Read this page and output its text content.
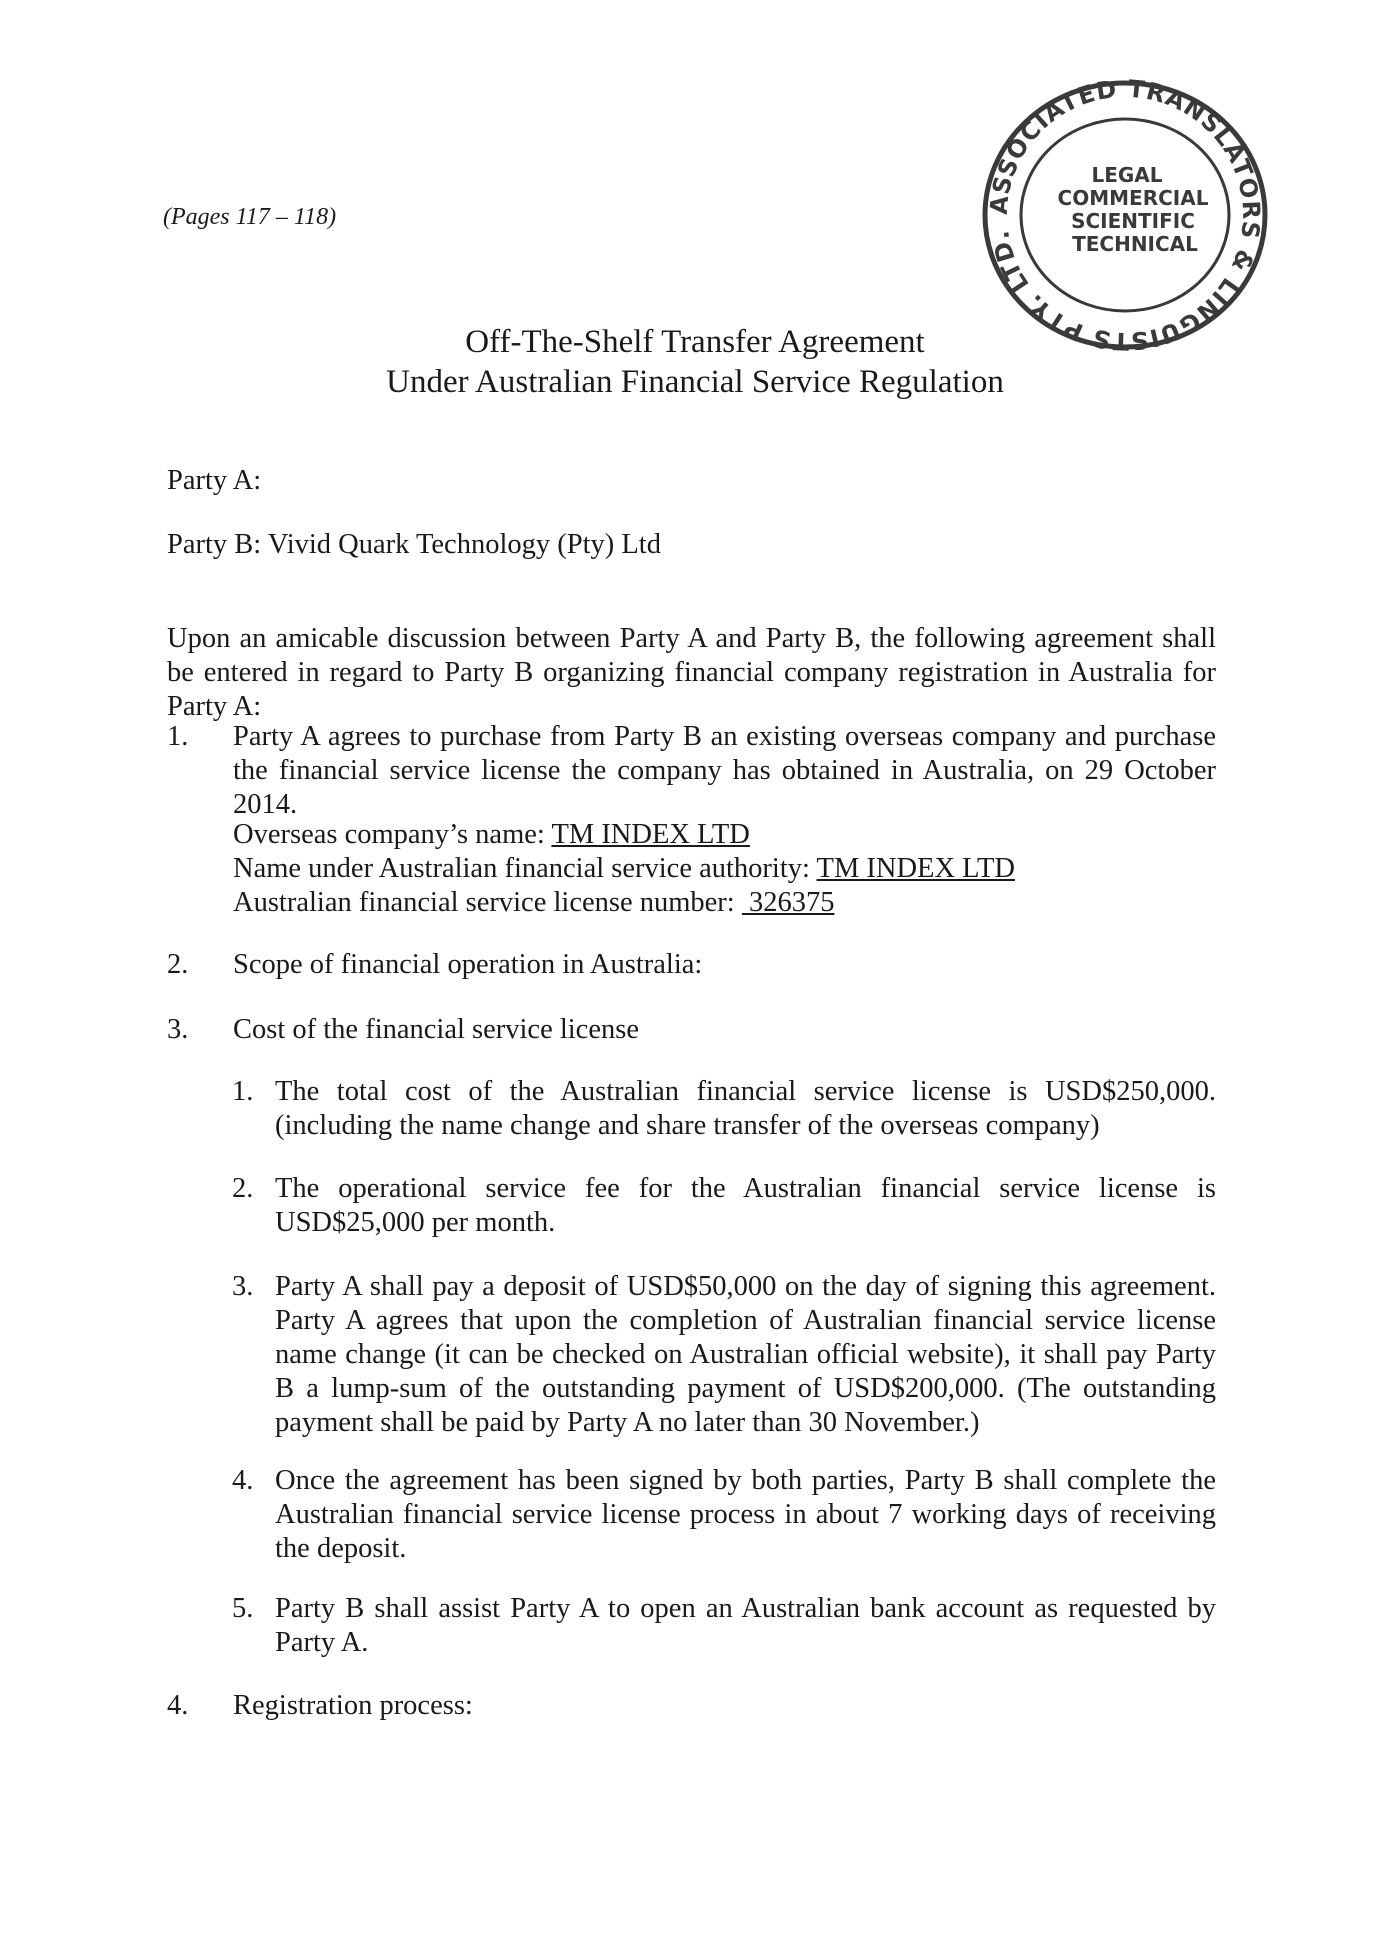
(Pages 117 – 118)	ASSOCIATED TRANSLATORS & LINGUISTS PTY. LTD.
LEGAL
COMMERCIAL
SCIENTIFIC
TECHNICAL
Off-The-Shelf Transfer Agreement
Under Australian Financial Service Regulation
Party A:
Party B: Vivid Quark Technology (Pty) Ltd
Upon an amicable discussion between Party A and Party B, the following agreement shall be entered in regard to Party B organizing financial company registration in Australia for Party A:
1. Party A agrees to purchase from Party B an existing overseas company and purchase the financial service license the company has obtained in Australia, on 29 October 2014.
Overseas company’s name: TM INDEX LTD
Name under Australian financial service authority: TM INDEX LTD
Australian financial service license number:  326375
2. Scope of financial operation in Australia:
3. Cost of the financial service license
1. The total cost of the Australian financial service license is USD$250,000. (including the name change and share transfer of the overseas company)
2. The operational service fee for the Australian financial service license is USD$25,000 per month.
3. Party A shall pay a deposit of USD$50,000 on the day of signing this agreement. Party A agrees that upon the completion of Australian financial service license name change (it can be checked on Australian official website), it shall pay Party B a lump-sum of the outstanding payment of USD$200,000. (The outstanding payment shall be paid by Party A no later than 30 November.)
4. Once the agreement has been signed by both parties, Party B shall complete the Australian financial service license process in about 7 working days of receiving the deposit.
5. Party B shall assist Party A to open an Australian bank account as requested by Party A.
4. Registration process:
